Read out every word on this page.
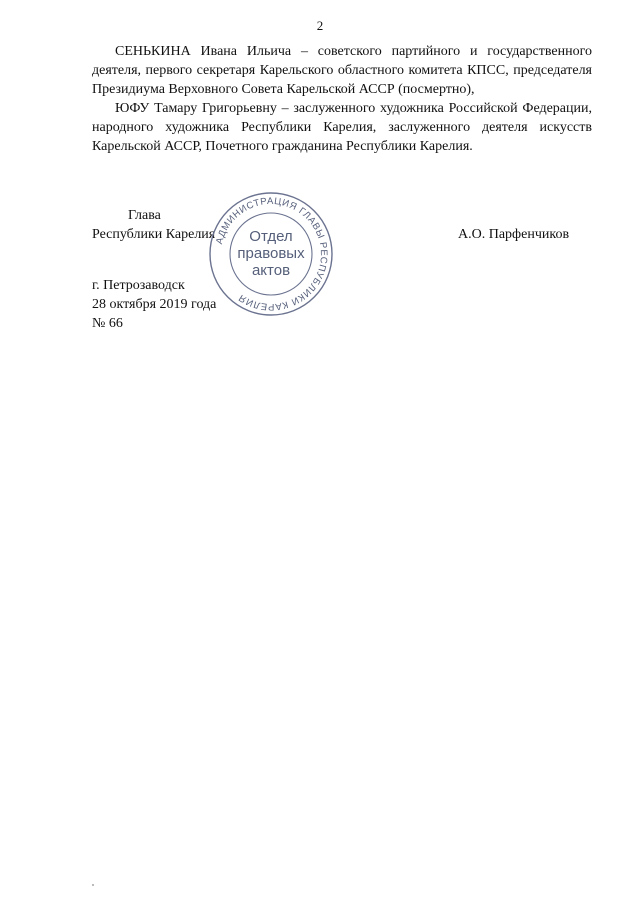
2

СЕНЬКИНА Ивана Ильича – советского партийного и государственного деятеля, первого секретаря Карельского областного комитета КПСС, председателя Президиума Верховного Совета Карельской АССР (посмертно),

ЮФУ Тамару Григорьевну – заслуженного художника Российской Федерации, народного художника Республики Карелия, заслуженного деятеля искусств Карельской АССР, Почетного гражданина Республики Карелия.

Глава
Республики Карелия	А.О. Парфенчиков
АДМИНИСТРАЦИЯ ГЛАВЫ РЕСПУБЛИКИ КАРЕЛИЯ
Отдел
правовых
актов
г. Петрозаводск
28 октября 2019 года
№ 66
